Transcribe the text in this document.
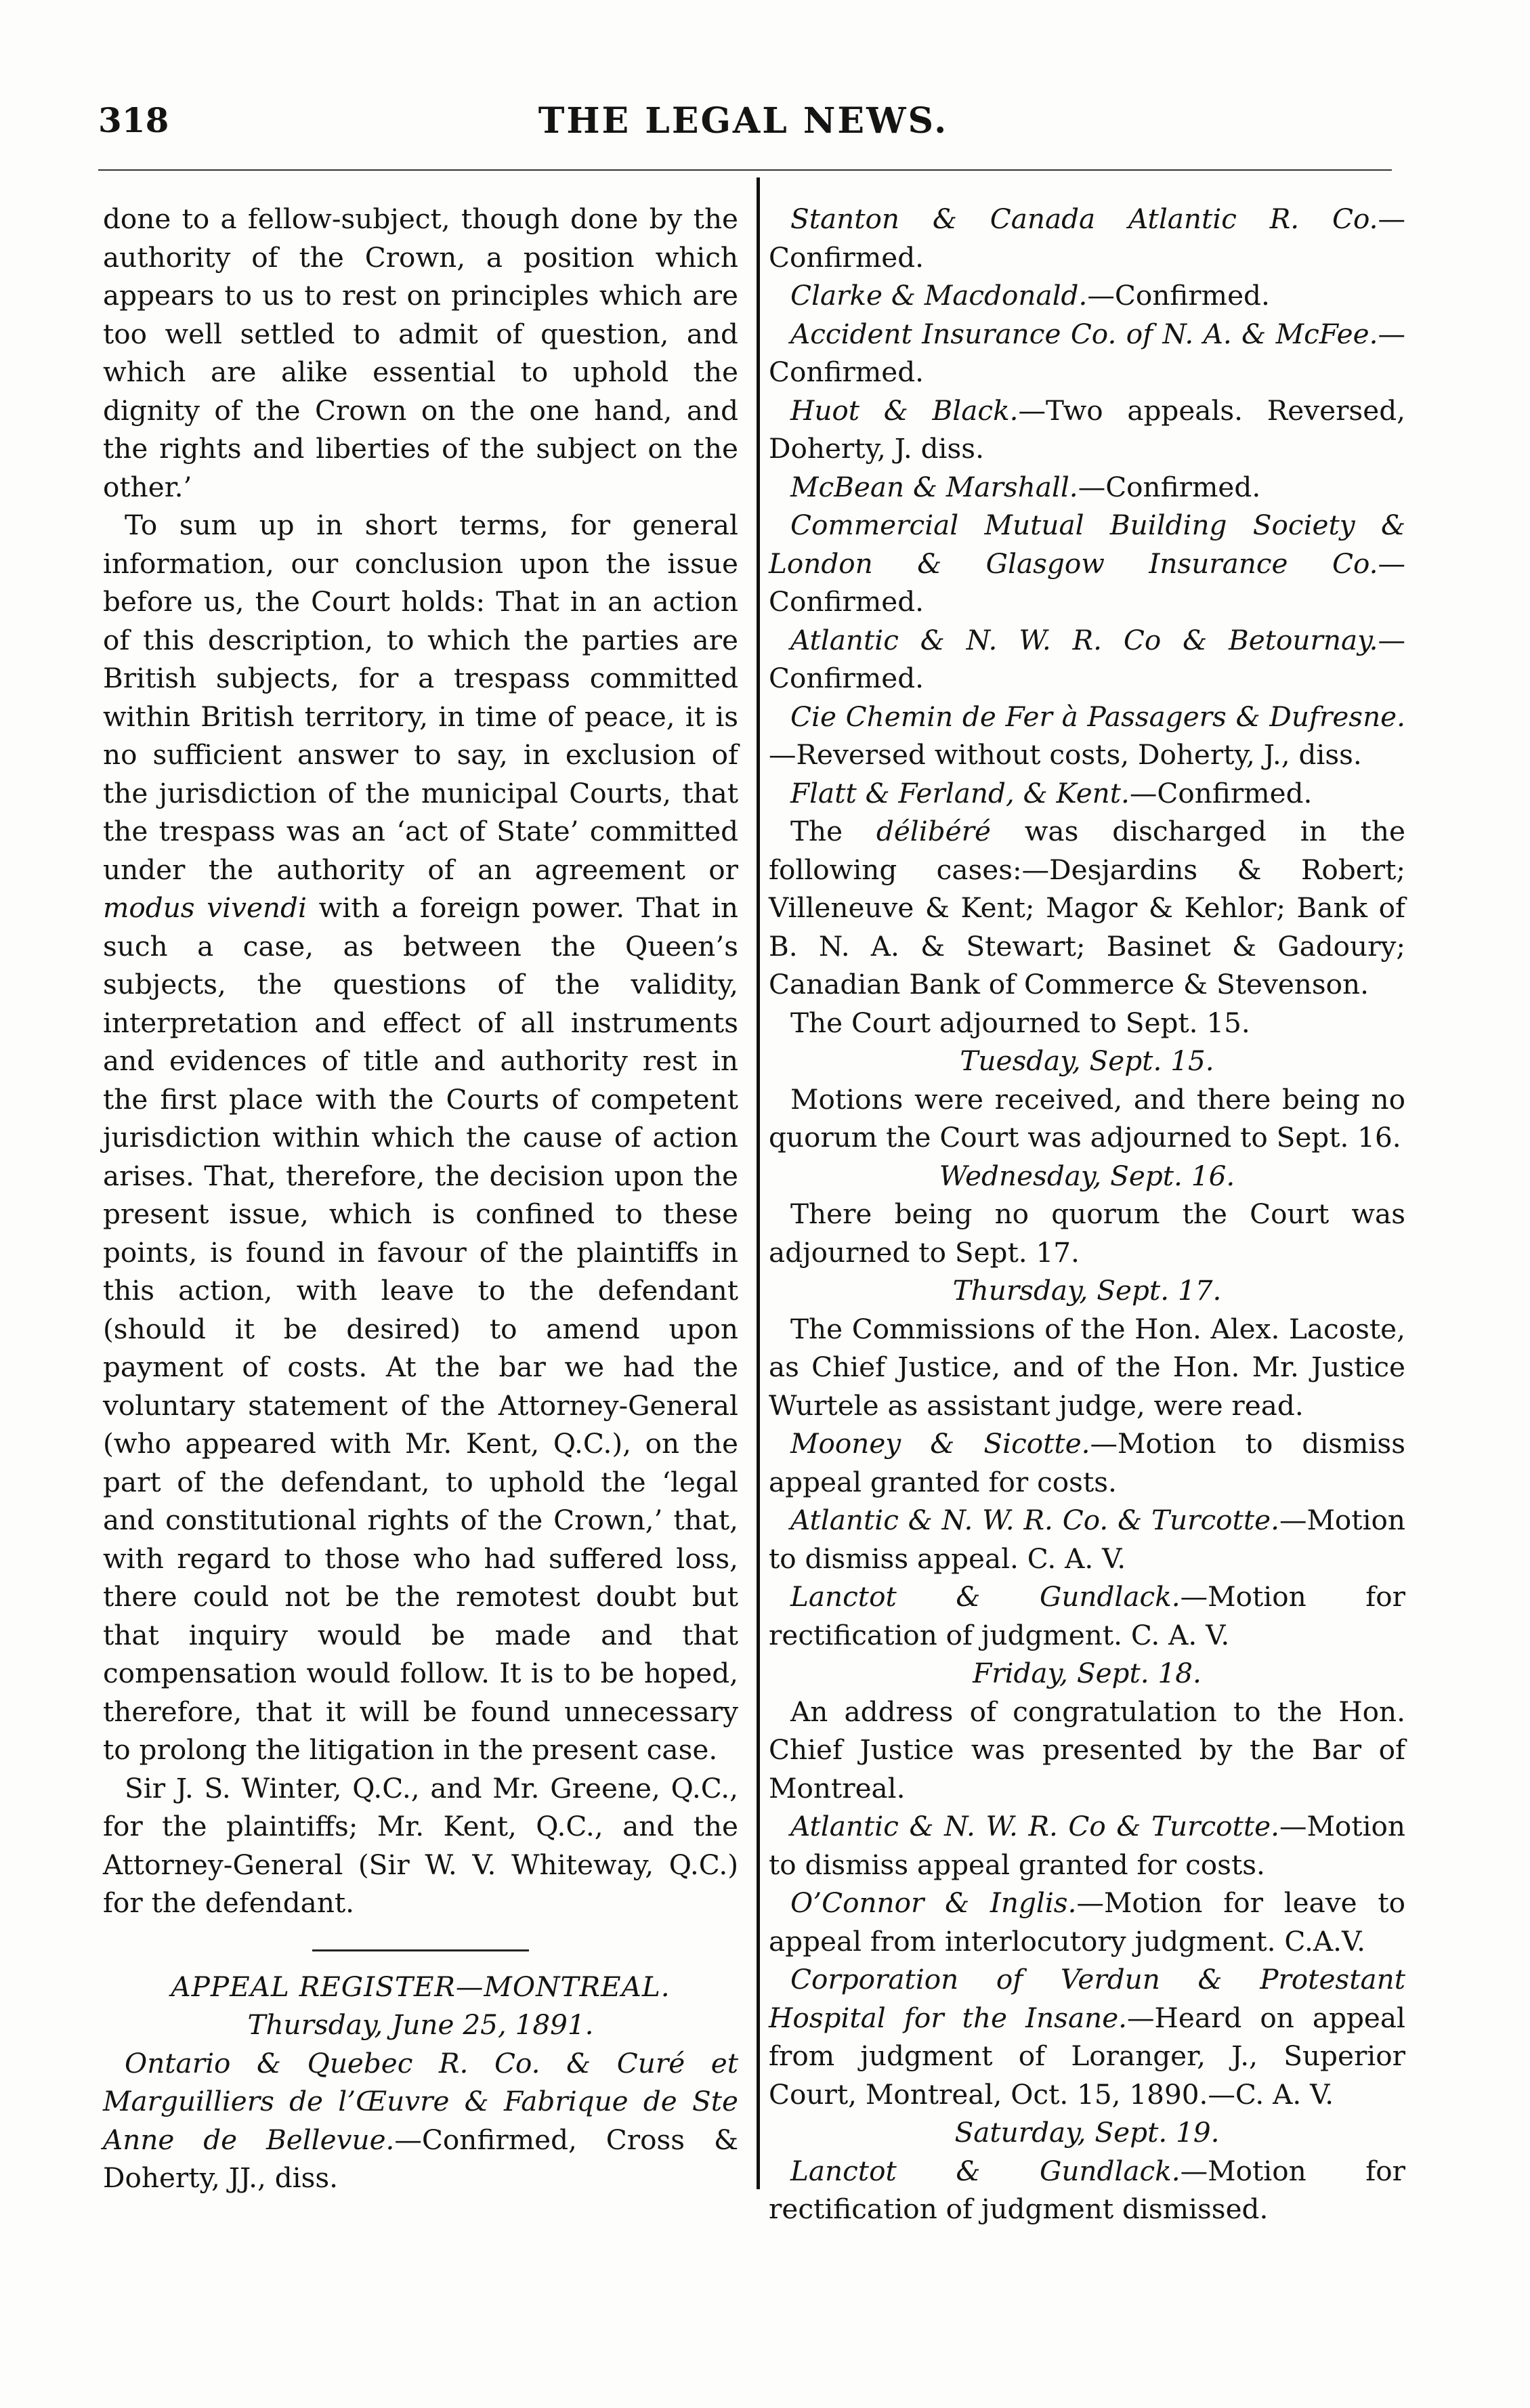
318	THE LEGAL NEWS.

done to a fellow-subject, though done by the authority of the Crown, a position which appears to us to rest on principles which are too well settled to admit of question, and which are alike essential to uphold the dignity of the Crown on the one hand, and the rights and liberties of the subject on the other.’

To sum up in short terms, for general information, our conclusion upon the issue before us, the Court holds: That in an action of this description, to which the parties are British subjects, for a trespass committed within British territory, in time of peace, it is no sufficient answer to say, in exclusion of the jurisdiction of the municipal Courts, that the trespass was an ‘act of State’ committed under the authority of an agreement or modus vivendi with a foreign power. That in such a case, as between the Queen’s subjects, the questions of the validity, interpretation and effect of all instruments and evidences of title and authority rest in the first place with the Courts of competent jurisdiction within which the cause of action arises. That, therefore, the decision upon the present issue, which is confined to these points, is found in favour of the plaintiffs in this action, with leave to the defendant (should it be desired) to amend upon payment of costs. At the bar we had the voluntary statement of the Attorney-General (who appeared with Mr. Kent, Q.C.), on the part of the defendant, to uphold the ‘legal and constitutional rights of the Crown,’ that, with regard to those who had suffered loss, there could not be the remotest doubt but that inquiry would be made and that compensation would follow. It is to be hoped, therefore, that it will be found unnecessary to prolong the litigation in the present case.

Sir J. S. Winter, Q.C., and Mr. Greene, Q.C., for the plaintiffs; Mr. Kent, Q.C., and the Attorney-General (Sir W. V. Whiteway, Q.C.) for the defendant.

APPEAL REGISTER—MONTREAL.

Thursday, June 25, 1891.

Ontario & Quebec R. Co. & Curé et Marguilliers de l’Œuvre & Fabrique de Ste Anne de Bellevue.—Confirmed, Cross & Doherty, JJ., diss.

Stanton & Canada Atlantic R. Co.—Confirmed.

Clarke & Macdonald.—Confirmed.

Accident Insurance Co. of N. A. & McFee.—Confirmed.

Huot & Black.—Two appeals. Reversed, Doherty, J. diss.

McBean & Marshall.—Confirmed.

Commercial Mutual Building Society & London & Glasgow Insurance Co.—Confirmed.

Atlantic & N. W. R. Co & Betournay.—Confirmed.

Cie Chemin de Fer à Passagers & Dufresne.—Reversed without costs, Doherty, J., diss.

Flatt & Ferland, & Kent.—Confirmed.

The délibéré was discharged in the following cases:—Desjardins & Robert; Villeneuve & Kent; Magor & Kehlor; Bank of B. N. A. & Stewart; Basinet & Gadoury; Canadian Bank of Commerce & Stevenson.

The Court adjourned to Sept. 15.

Tuesday, Sept. 15.

Motions were received, and there being no quorum the Court was adjourned to Sept. 16.

Wednesday, Sept. 16.

There being no quorum the Court was adjourned to Sept. 17.

Thursday, Sept. 17.

The Commissions of the Hon. Alex. Lacoste, as Chief Justice, and of the Hon. Mr. Justice Wurtele as assistant judge, were read.

Mooney & Sicotte.—Motion to dismiss appeal granted for costs.

Atlantic & N. W. R. Co. & Turcotte.—Motion to dismiss appeal. C. A. V.

Lanctot & Gundlack.—Motion for rectification of judgment. C. A. V.

Friday, Sept. 18.

An address of congratulation to the Hon. Chief Justice was presented by the Bar of Montreal.

Atlantic & N. W. R. Co & Turcotte.—Motion to dismiss appeal granted for costs.

O’Connor & Inglis.—Motion for leave to appeal from interlocutory judgment. C.A.V.

Corporation of Verdun & Protestant Hospital for the Insane.—Heard on appeal from judgment of Loranger, J., Superior Court, Montreal, Oct. 15, 1890.—C. A. V.

Saturday, Sept. 19.

Lanctot & Gundlack.—Motion for rectification of judgment dismissed.
